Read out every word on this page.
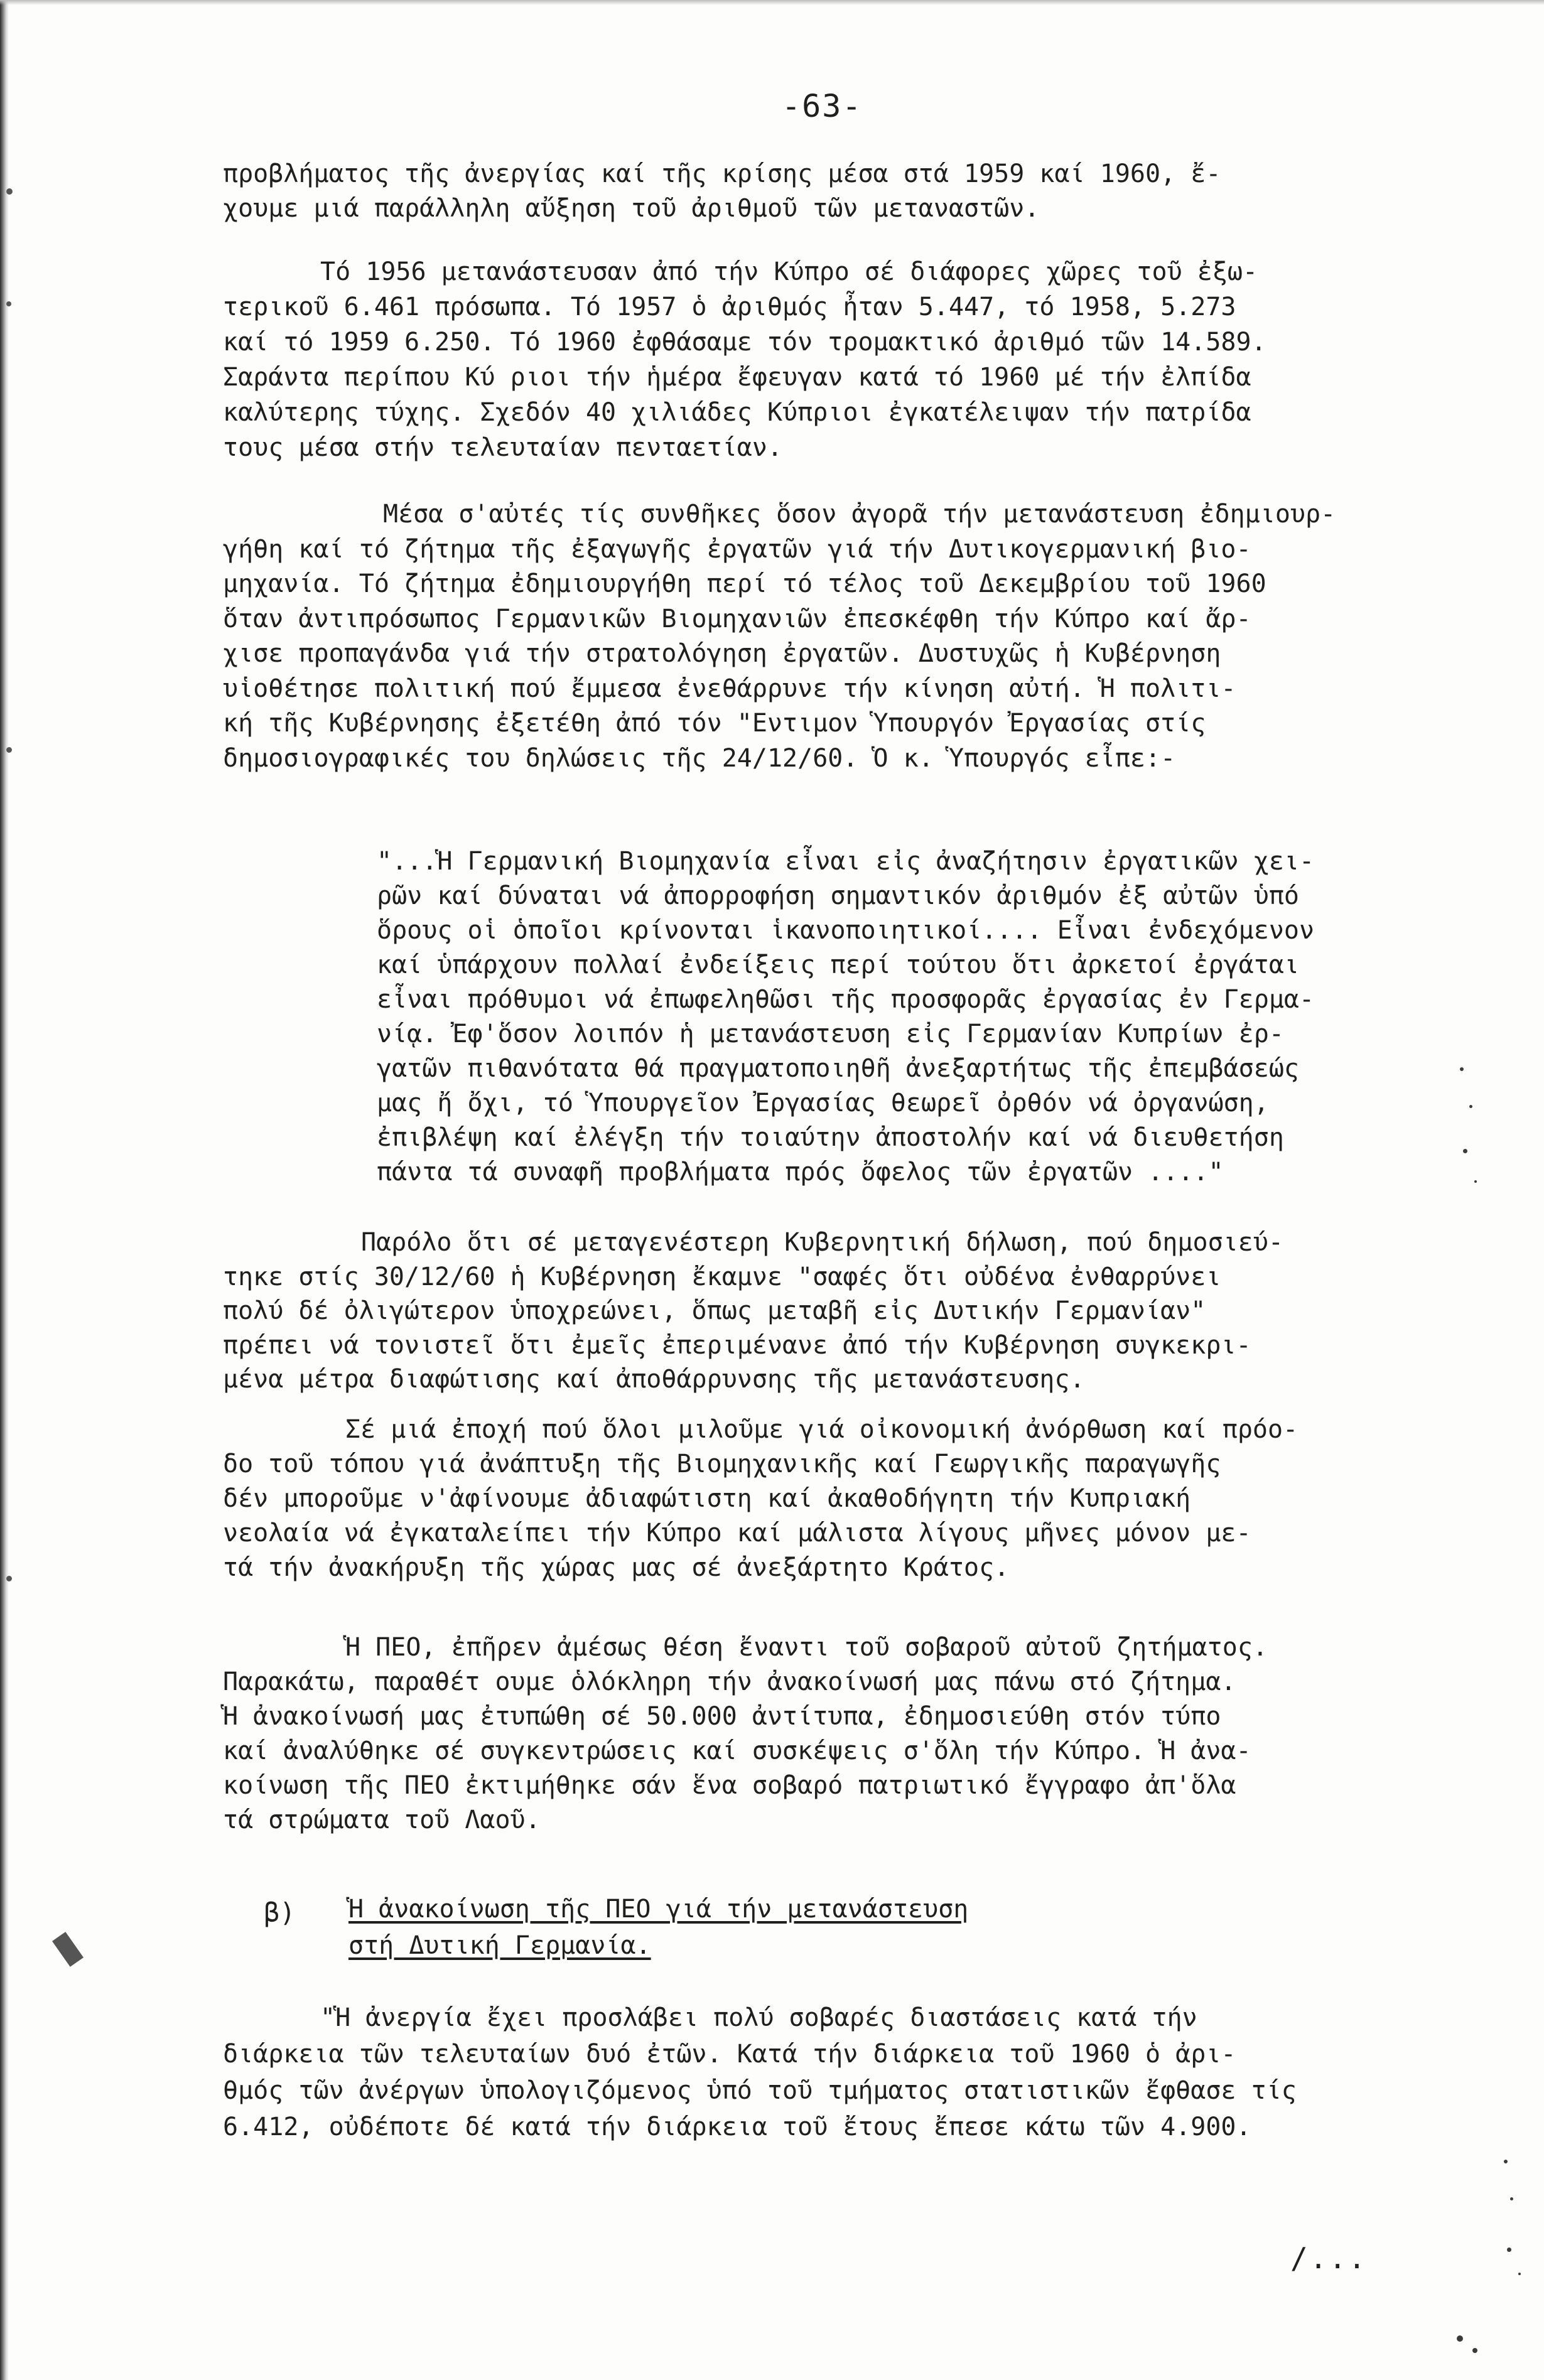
-63-

προβλήματος τῆς ἀνεργίας καί τῆς κρίσης μέσα στά 1959 καί 1960, ἔ-
χουμε μιά παράλληλη αὔξηση τοῦ ἀριθμοῦ τῶν μεταναστῶν.

Τό 1956 μετανάστευσαν ἀπό τήν Κύπρο σέ διάφορες χῶρες τοῦ ἐξω-
τερικοῦ 6.461 πρόσωπα. Τό 1957 ὁ ἀριθμός ἦταν 5.447, τό 1958, 5.273
καί τό 1959 6.250. Τό 1960 ἐφθάσαμε τόν τρομακτικό ἀριθμό τῶν 14.589.
Σαράντα περίπου Κύ ριοι τήν ἡμέρα ἔφευγαν κατά τό 1960 μέ τήν ἐλπίδα
καλύτερης τύχης. Σχεδόν 40 χιλιάδες Κύπριοι ἐγκατέλειψαν τήν πατρίδα
τους μέσα στήν τελευταίαν πενταετίαν.

Μέσα σ'αὐτές τίς συνθῆκες ὅσον ἀγορᾶ τήν μετανάστευση ἐδημιουρ-
γήθη καί τό ζήτημα τῆς ἐξαγωγῆς ἐργατῶν γιά τήν Δυτικογερμανική βιο-
μηχανία. Τό ζήτημα ἐδημιουργήθη περί τό τέλος τοῦ Δεκεμβρίου τοῦ 1960
ὅταν ἀντιπρόσωπος Γερμανικῶν Βιομηχανιῶν ἐπεσκέφθη τήν Κύπρο καί ἄρ-
χισε προπαγάνδα γιά τήν στρατολόγηση ἐργατῶν. Δυστυχῶς ἡ Κυβέρνηση
υἱοθέτησε πολιτική πού ἔμμεσα ἐνεθάρρυνε τήν κίνηση αὐτή. Ἡ πολιτι-
κή τῆς Κυβέρνησης ἐξετέθη ἀπό τόν "Εντιμον Ὑπουργόν Ἐργασίας στίς
δημοσιογραφικές του δηλώσεις τῆς 24/12/60. Ὁ κ. Ὑπουργός εἶπε:-

"...Ἡ Γερμανική Βιομηχανία εἶναι εἰς ἀναζήτησιν ἐργατικῶν χει-
ρῶν καί δύναται νά ἀπορροφήση σημαντικόν ἀριθμόν ἐξ αὐτῶν ὑπό
ὅρους οἱ ὁποῖοι κρίνονται ἱκανοποιητικοί.... Εἶναι ἐνδεχόμενον
καί ὑπάρχουν πολλαί ἐνδείξεις περί τούτου ὅτι ἀρκετοί ἐργάται
εἶναι πρόθυμοι νά ἐπωφεληθῶσι τῆς προσφορᾶς ἐργασίας ἐν Γερμα-
νίᾳ. Ἐφ'ὅσον λοιπόν ἡ μετανάστευση εἰς Γερμανίαν Κυπρίων ἐρ-
γατῶν πιθανότατα θά πραγματοποιηθῆ ἀνεξαρτήτως τῆς ἐπεμβάσεώς
μας ἤ ὄχι, τό Ὑπουργεῖον Ἐργασίας θεωρεῖ ὀρθόν νά ὀργανώση,
ἐπιβλέψη καί ἐλέγξη τήν τοιαύτην ἀποστολήν καί νά διευθετήση
πάντα τά συναφῆ προβλήματα πρός ὄφελος τῶν ἐργατῶν ...."

Παρόλο ὅτι σέ μεταγενέστερη Κυβερνητική δήλωση, πού δημοσιεύ-
τηκε στίς 30/12/60 ἡ Κυβέρνηση ἔκαμνε "σαφές ὅτι οὐδένα ἐνθαρρύνει
πολύ δέ ὀλιγώτερον ὑποχρεώνει, ὅπως μεταβῆ εἰς Δυτικήν Γερμανίαν"
πρέπει νά τονιστεῖ ὅτι ἐμεῖς ἐπεριμένανε ἀπό τήν Κυβέρνηση συγκεκρι-
μένα μέτρα διαφώτισης καί ἀποθάρρυνσης τῆς μετανάστευσης.

Σέ μιά ἐποχή πού ὅλοι μιλοῦμε γιά οἰκονομική ἀνόρθωση καί πρόο-
δο τοῦ τόπου γιά ἀνάπτυξη τῆς Βιομηχανικῆς καί Γεωργικῆς παραγωγῆς
δέν μποροῦμε ν'ἀφίνουμε ἀδιαφώτιστη καί ἀκαθοδήγητη τήν Κυπριακή
νεολαία νά ἐγκαταλείπει τήν Κύπρο καί μάλιστα λίγους μῆνες μόνον με-
τά τήν ἀνακήρυξη τῆς χώρας μας σέ ἀνεξάρτητο Κράτος.

Ἡ ΠΕΟ, ἐπῆρεν ἀμέσως θέση ἔναντι τοῦ σοβαροῦ αὐτοῦ ζητήματος.
Παρακάτω, παραθέτ ουμε ὁλόκληρη τήν ἀνακοίνωσή μας πάνω στό ζήτημα.
Ἡ ἀνακοίνωσή μας ἐτυπώθη σέ 50.000 ἀντίτυπα, ἐδημοσιεύθη στόν τύπο
καί ἀναλύθηκε σέ συγκεντρώσεις καί συσκέψεις σ'ὅλη τήν Κύπρο. Ἡ ἀνα-
κοίνωση τῆς ΠΕΟ ἐκτιμήθηκε σάν ἕνα σοβαρό πατριωτικό ἔγγραφο ἀπ'ὅλα
τά στρώματα τοῦ Λαοῦ.

β) Ἡ ἀνακοίνωση τῆς ΠΕΟ γιά τήν μετανάστευση
στή Δυτική Γερμανία.

"Ἡ ἀνεργία ἔχει προσλάβει πολύ σοβαρές διαστάσεις κατά τήν
διάρκεια τῶν τελευταίων δυό ἐτῶν. Κατά τήν διάρκεια τοῦ 1960 ὁ ἀρι-
θμός τῶν ἀνέργων ὑπολογιζόμενος ὑπό τοῦ τμήματος στατιστικῶν ἔφθασε τίς
6.412, οὐδέποτε δέ κατά τήν διάρκεια τοῦ ἔτους ἔπεσε κάτω τῶν 4.900.

/...
